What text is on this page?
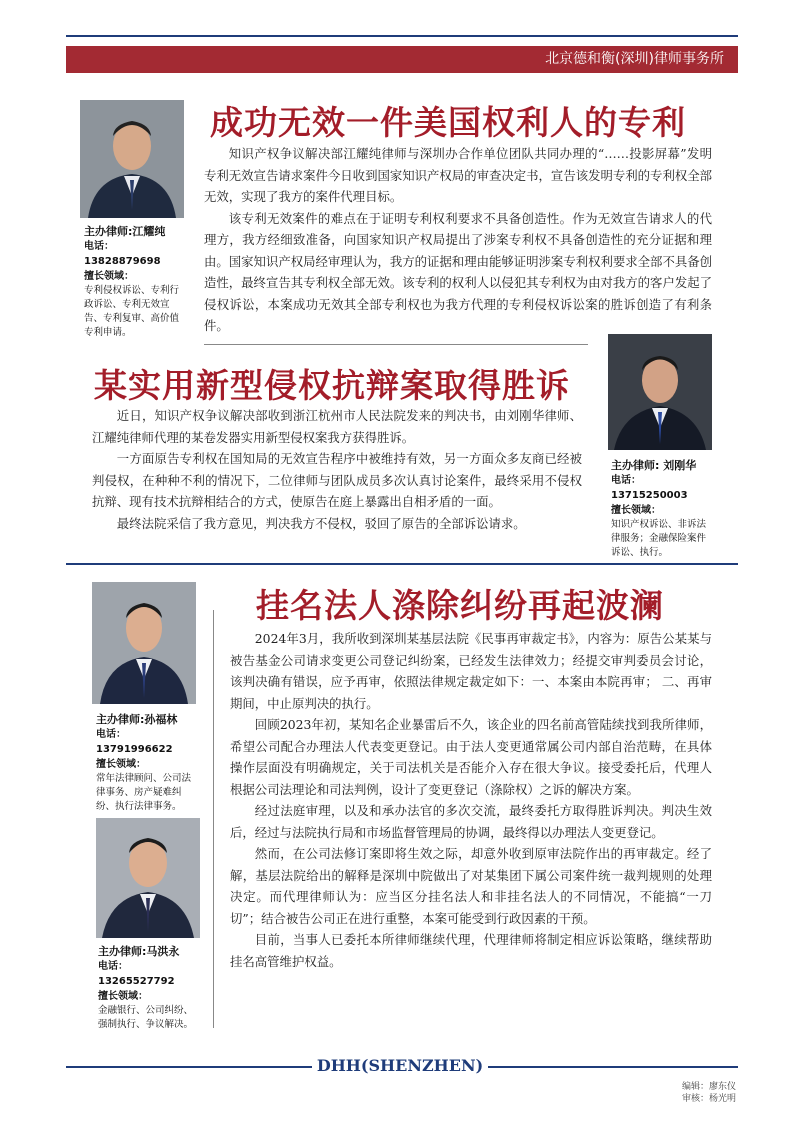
北京德和衡(深圳)律师事务所
主办律师:江耀纯
电话：13828879698
擅长领域：
专利侵权诉讼、专利行政诉讼、专利无效宣告、专利复审、高价值专利申请。
成功无效一件美国权利人的专利

知识产权争议解决部江耀纯律师与深圳办合作单位团队共同办理的“……投影屏幕”发明专利无效宣告请求案件今日收到国家知识产权局的审查决定书，宣告该发明专利的专利权全部无效，实现了我方的案件代理目标。

该专利无效案件的难点在于证明专利权利要求不具备创造性。作为无效宣告请求人的代理方，我方经细致准备，向国家知识产权局提出了涉案专利权不具备创造性的充分证据和理由。国家知识产权局经审理认为，我方的证据和理由能够证明涉案专利权利要求全部不具备创造性，最终宣告其专利权全部无效。该专利的权利人以侵犯其专利权为由对我方的客户发起了侵权诉讼，本案成功无效其全部专利权也为我方代理的专利侵权诉讼案的胜诉创造了有利条件。

某实用新型侵权抗辩案取得胜诉

近日，知识产权争议解决部收到浙江杭州市人民法院发来的判决书，由刘刚华律师、江耀纯律师代理的某卷发器实用新型侵权案我方获得胜诉。

一方面原告专利权在国知局的无效宣告程序中被维持有效，另一方面众多友商已经被判侵权，在种种不利的情况下，二位律师与团队成员多次认真讨论案件，最终采用不侵权抗辩、现有技术抗辩相结合的方式，使原告在庭上暴露出自相矛盾的一面。

最终法院采信了我方意见，判决我方不侵权，驳回了原告的全部诉讼请求。

主办律师: 刘刚华
电话：13715250003
擅长领域：
知识产权诉讼、非诉法律服务；金融保险案件诉讼、执行。
主办律师:孙福林
电话：13791996622
擅长领域：
常年法律顾问、公司法律事务、房产疑难纠纷、执行法律事务。
主办律师:马洪永
电话：13265527792
擅长领域：
金融银行、公司纠纷、强制执行、争议解决。
挂名法人涤除纠纷再起波澜

2024年3月，我所收到深圳某基层法院《民事再审裁定书》，内容为：原告公某某与被告基金公司请求变更公司登记纠纷案，已经发生法律效力；经提交审判委员会讨论，该判决确有错误，应予再审，依照法律规定裁定如下：一、本案由本院再审； 二、再审期间，中止原判决的执行。

回顾2023年初，某知名企业暴雷后不久，该企业的四名前高管陆续找到我所律师，希望公司配合办理法人代表变更登记。由于法人变更通常属公司内部自治范畴，在具体操作层面没有明确规定，关于司法机关是否能介入存在很大争议。接受委托后，代理人根据公司法理论和司法判例，设计了变更登记（涤除权）之诉的解决方案。

经过法庭审理，以及和承办法官的多次交流，最终委托方取得胜诉判决。判决生效后，经过与法院执行局和市场监督管理局的协调，最终得以办理法人变更登记。

然而，在公司法修订案即将生效之际，却意外收到原审法院作出的再审裁定。经了解，基层法院给出的解释是深圳中院做出了对某集团下属公司案件统一裁判规则的处理决定。而代理律师认为：应当区分挂名法人和非挂名法人的不同情况，不能搞“一刀切”；结合被告公司正在进行重整，本案可能受到行政因素的干预。

目前，当事人已委托本所律师继续代理，代理律师将制定相应诉讼策略，继续帮助挂名高管维护权益。

DHH(SHENZHEN)
编辑：廖东仪
审核：杨光明
